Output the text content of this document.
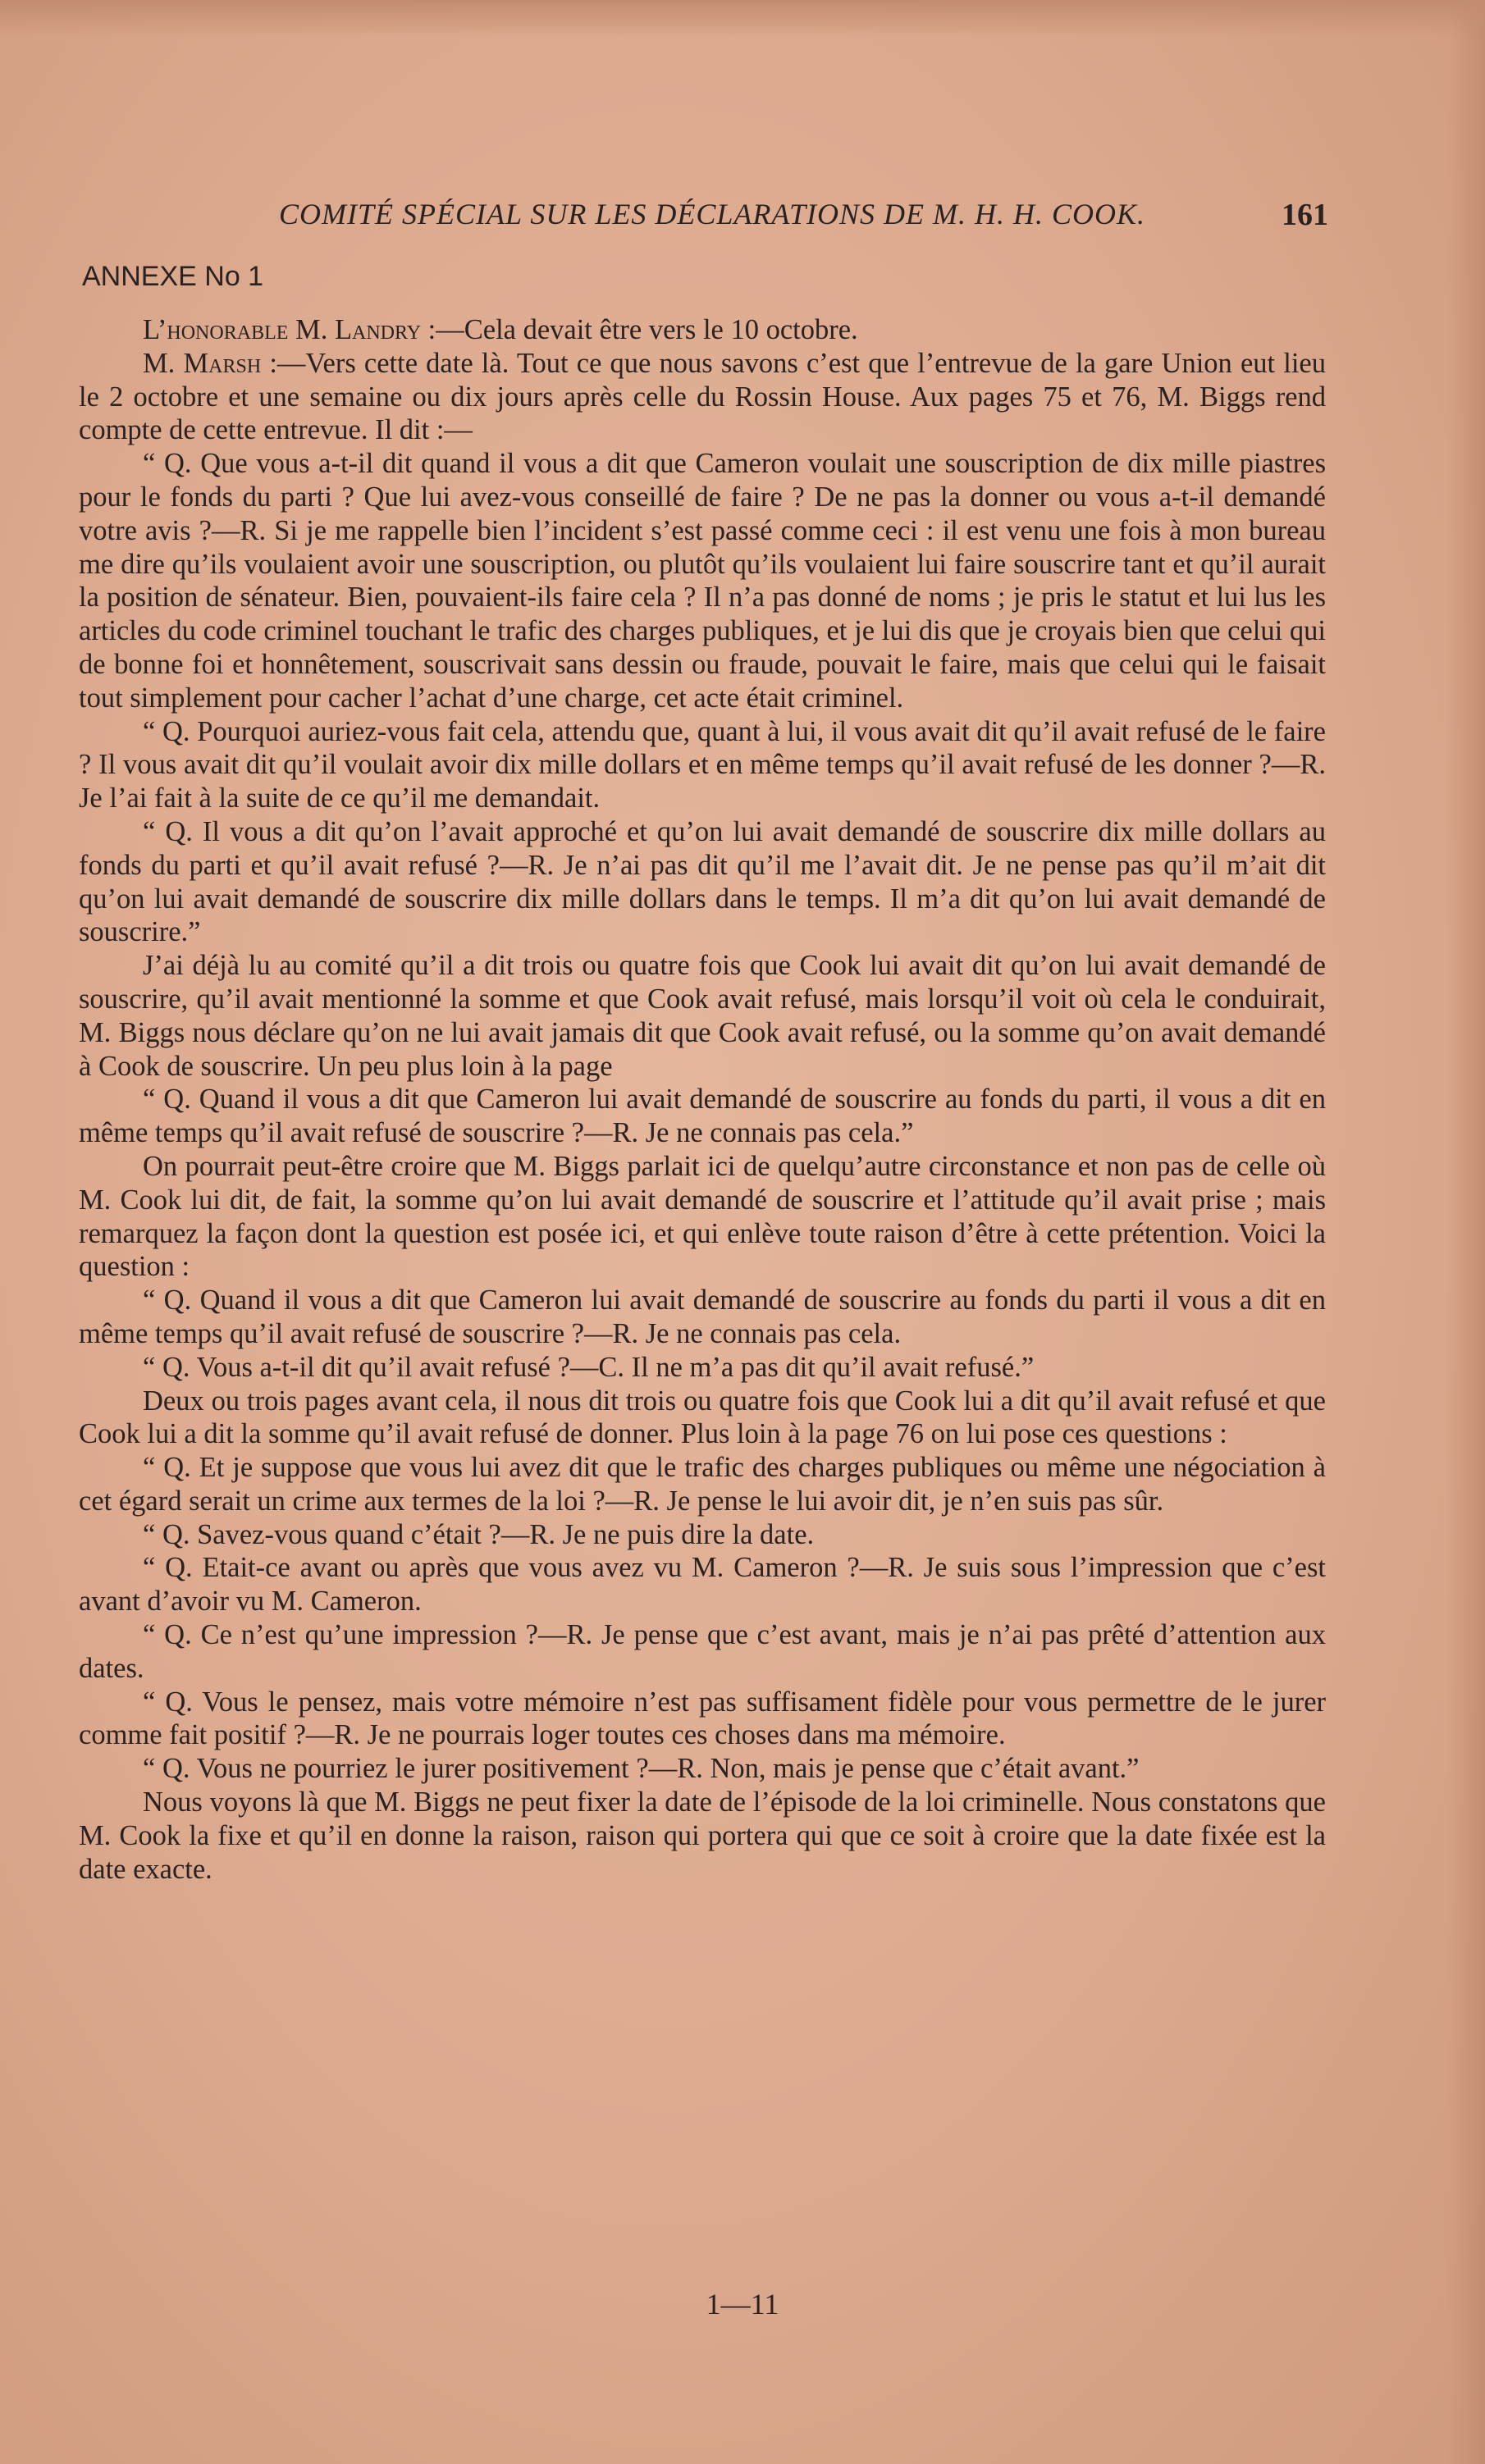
COMITÉ SPÉCIAL SUR LES DÉCLARATIONS DE M. H. H. COOK.	161
ANNEXE No 1

L’honorable M. Landry :—Cela devait être vers le 10 octobre.

M. Marsh :—Vers cette date là. Tout ce que nous savons c’est que l’entrevue de la gare Union eut lieu le 2 octobre et une semaine ou dix jours après celle du Rossin House. Aux pages 75 et 76, M. Biggs rend compte de cette entrevue. Il dit :—

“ Q. Que vous a-t-il dit quand il vous a dit que Cameron voulait une souscription de dix mille piastres pour le fonds du parti ? Que lui avez-vous conseillé de faire ? De ne pas la donner ou vous a-t-il demandé votre avis ?—R. Si je me rappelle bien l’incident s’est passé comme ceci : il est venu une fois à mon bureau me dire qu’ils voulaient avoir une souscription, ou plutôt qu’ils voulaient lui faire souscrire tant et qu’il aurait la position de sénateur. Bien, pouvaient-ils faire cela ? Il n’a pas donné de noms ; je pris le statut et lui lus les articles du code criminel touchant le trafic des charges publiques, et je lui dis que je croyais bien que celui qui de bonne foi et honnêtement, souscrivait sans dessin ou fraude, pouvait le faire, mais que celui qui le faisait tout simplement pour cacher l’achat d’une charge, cet acte était criminel.

“ Q. Pourquoi auriez-vous fait cela, attendu que, quant à lui, il vous avait dit qu’il avait refusé de le faire ? Il vous avait dit qu’il voulait avoir dix mille dollars et en même temps qu’il avait refusé de les donner ?—R. Je l’ai fait à la suite de ce qu’il me demandait.

“ Q. Il vous a dit qu’on l’avait approché et qu’on lui avait demandé de souscrire dix mille dollars au fonds du parti et qu’il avait refusé ?—R. Je n’ai pas dit qu’il me l’avait dit. Je ne pense pas qu’il m’ait dit qu’on lui avait demandé de souscrire dix mille dollars dans le temps. Il m’a dit qu’on lui avait demandé de souscrire.”

J’ai déjà lu au comité qu’il a dit trois ou quatre fois que Cook lui avait dit qu’on lui avait demandé de souscrire, qu’il avait mentionné la somme et que Cook avait refusé, mais lorsqu’il voit où cela le conduirait, M. Biggs nous déclare qu’on ne lui avait jamais dit que Cook avait refusé, ou la somme qu’on avait demandé à Cook de souscrire. Un peu plus loin à la page

“ Q. Quand il vous a dit que Cameron lui avait demandé de souscrire au fonds du parti, il vous a dit en même temps qu’il avait refusé de souscrire ?—R. Je ne connais pas cela.”

On pourrait peut-être croire que M. Biggs parlait ici de quelqu’autre circonstance et non pas de celle où M. Cook lui dit, de fait, la somme qu’on lui avait demandé de souscrire et l’attitude qu’il avait prise ; mais remarquez la façon dont la question est posée ici, et qui enlève toute raison d’être à cette prétention. Voici la question :

“ Q. Quand il vous a dit que Cameron lui avait demandé de souscrire au fonds du parti il vous a dit en même temps qu’il avait refusé de souscrire ?—R. Je ne connais pas cela.

“ Q. Vous a-t-il dit qu’il avait refusé ?—C. Il ne m’a pas dit qu’il avait refusé.”

Deux ou trois pages avant cela, il nous dit trois ou quatre fois que Cook lui a dit qu’il avait refusé et que Cook lui a dit la somme qu’il avait refusé de donner. Plus loin à la page 76 on lui pose ces questions :

“ Q. Et je suppose que vous lui avez dit que le trafic des charges publiques ou même une négociation à cet égard serait un crime aux termes de la loi ?—R. Je pense le lui avoir dit, je n’en suis pas sûr.

“ Q. Savez-vous quand c’était ?—R. Je ne puis dire la date.

“ Q. Etait-ce avant ou après que vous avez vu M. Cameron ?—R. Je suis sous l’impression que c’est avant d’avoir vu M. Cameron.

“ Q. Ce n’est qu’une impression ?—R. Je pense que c’est avant, mais je n’ai pas prêté d’attention aux dates.

“ Q. Vous le pensez, mais votre mémoire n’est pas suffisament fidèle pour vous permettre de le jurer comme fait positif ?—R. Je ne pourrais loger toutes ces choses dans ma mémoire.

“ Q. Vous ne pourriez le jurer positivement ?—R. Non, mais je pense que c’était avant.”

Nous voyons là que M. Biggs ne peut fixer la date de l’épisode de la loi criminelle. Nous constatons que M. Cook la fixe et qu’il en donne la raison, raison qui portera qui que ce soit à croire que la date fixée est la date exacte.

1—11
